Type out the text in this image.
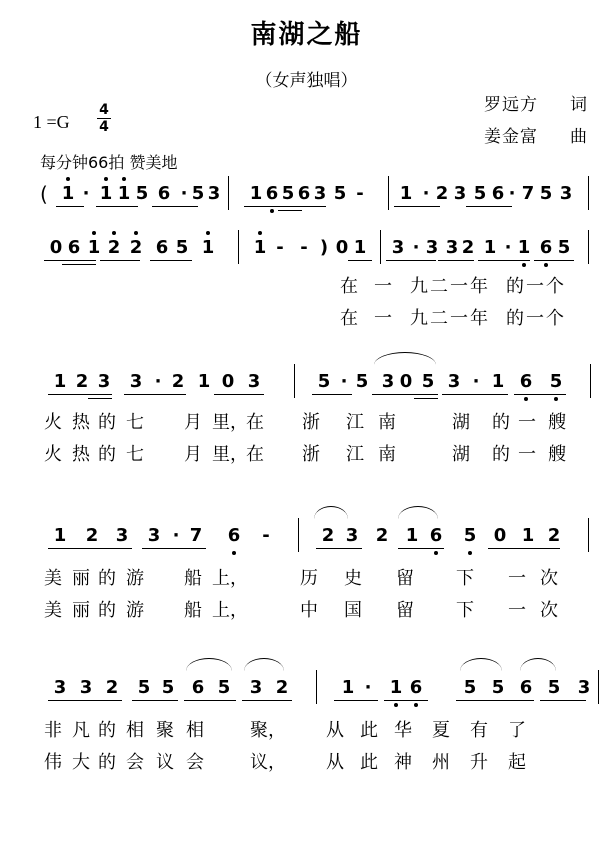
南湖之船
（女声独唱）
罗远方 词
姜金富 曲
1 =G
4
4
每分钟66拍 赞美地
( 1 · 1 1 5 6 · 5 3 1 6 5 6 3 5 - 1 · 2 3 5 6 · 7 5 3
0 6 1 2 2 6 5 1 1 - - ) 0 1 3 · 3 3 2 1 · 1 6 5
1 2 3 3 · 2 1 0 3	5 · 5 3 0 5 3 · 1 6 5
1 2 3 3 · 7 6 -	2 3 2 1 6 5 0 1 2
3 3 2 5 5 6 5 3 2	1 · 1 6 5 5 6 5 3
在 一 九二一年 的一个
在 一 九二一年 的一个
火 热 的 七 月 里，
在 浙 江 南	湖 的 一 艘
火 热 的 七 月 里，
在 浙 江 南	湖 的 一 艘
美 丽 的 游 船 上，	历 史 留 下 一 次
美 丽 的 游 船 上，	中 国 留 下 一 次
非 凡 的 相 聚 相	聚， 从 此 华 夏 有 了
伟 大 的 会 议 会	议， 从 此 神 州 升 起
